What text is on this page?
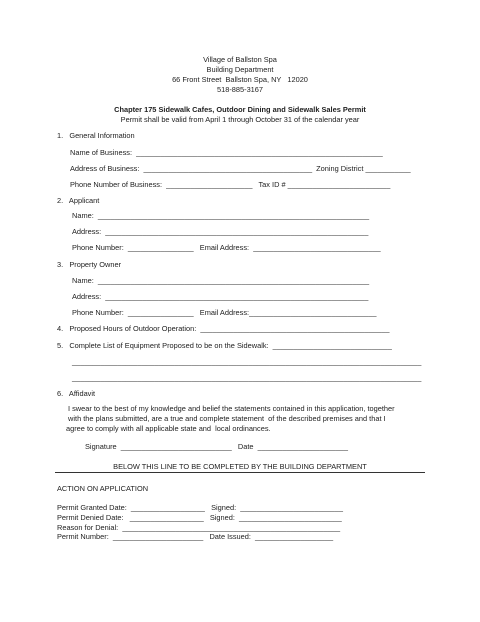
Village of Ballston Spa
Building Department
66 Front Street  Ballston Spa, NY   12020
518-885-3167
Chapter 175 Sidewalk Cafes, Outdoor Dining and Sidewalk Sales Permit
Permit shall be valid from April 1 through October 31 of the calendar year
1.   General Information
Name of Business:  ____________________________________________________________
Address of Business:  _________________________________________  Zoning District ___________
Phone Number of Business:  _____________________   Tax ID # _________________________
2.   Applicant
Name:  __________________________________________________________________
Address:  ________________________________________________________________
Phone Number:  ________________   Email Address:  _______________________________
3.   Property Owner
Name:  __________________________________________________________________
Address:  ________________________________________________________________
Phone Number:  ________________   Email Address:_______________________________
4.   Proposed Hours of Outdoor Operation:  ______________________________________________
5.   Complete List of Equipment Proposed to be on the Sidewalk:  _____________________________
_____________________________________________________________________________________
_____________________________________________________________________________________
6.   Affidavit
I swear to the best of my knowledge and belief the statements contained in this application, together
with the plans submitted, are a true and complete statement  of the described premises and that I
agree to comply with all applicable state and  local ordinances.
Signature  ___________________________   Date  ______________________
BELOW THIS LINE TO BE COMPLETED BY THE BUILDING DEPARTMENT
ACTION ON APPLICATION
Permit Granted Date:  __________________   Signed:  _________________________
Permit Denied Date:   __________________   Signed:  _________________________
Reason for Denial:  _____________________________________________________
Permit Number:  ______________________   Date Issued:  ___________________
